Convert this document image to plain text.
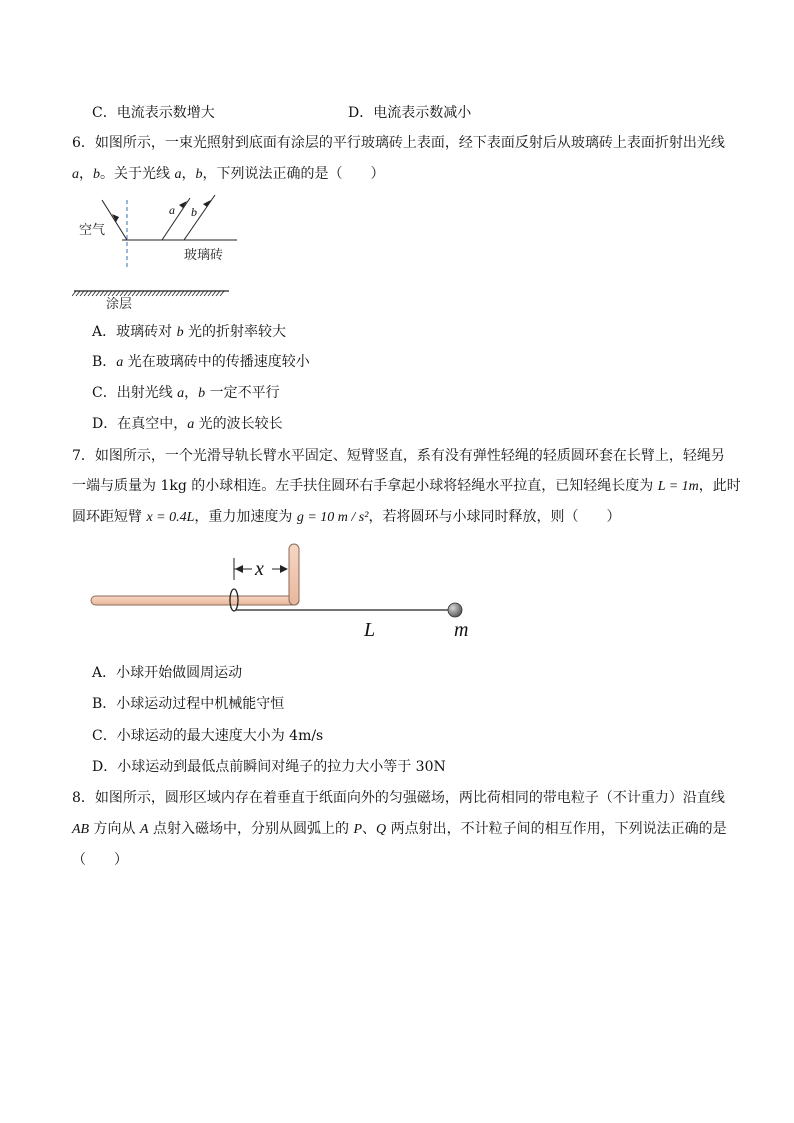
C．电流表示数增大	D．电流表示数减小
6．如图所示，一束光照射到底面有涂层的平行玻璃砖上表面，经下表面反射后从玻璃砖上表面折射出光线
a，b。关于光线 a，b，下列说法正确的是（　　）
a b
空气
玻璃砖
涂层
A．玻璃砖对 b 光的折射率较大
B．a 光在玻璃砖中的传播速度较小
C．出射光线 a，b 一定不平行
D．在真空中，a 光的波长较长
7．如图所示，一个光滑导轨长臂水平固定、短臂竖直，系有没有弹性轻绳的轻质圆环套在长臂上，轻绳另
一端与质量为 1kg 的小球相连。左手扶住圆环右手拿起小球将轻绳水平拉直，已知轻绳长度为 L = 1m，此时
圆环距短臂 x = 0.4L，重力加速度为 g = 10 m / s²，若将圆环与小球同时释放，则（　　）
x
L	m
A．小球开始做圆周运动
B．小球运动过程中机械能守恒
C．小球运动的最大速度大小为 4m/s
D．小球运动到最低点前瞬间对绳子的拉力大小等于 30N
8．如图所示，圆形区域内存在着垂直于纸面向外的匀强磁场，两比荷相同的带电粒子（不计重力）沿直线
AB 方向从 A 点射入磁场中，分别从圆弧上的 P、Q 两点射出，不计粒子间的相互作用，下列说法正确的是
（　　）
